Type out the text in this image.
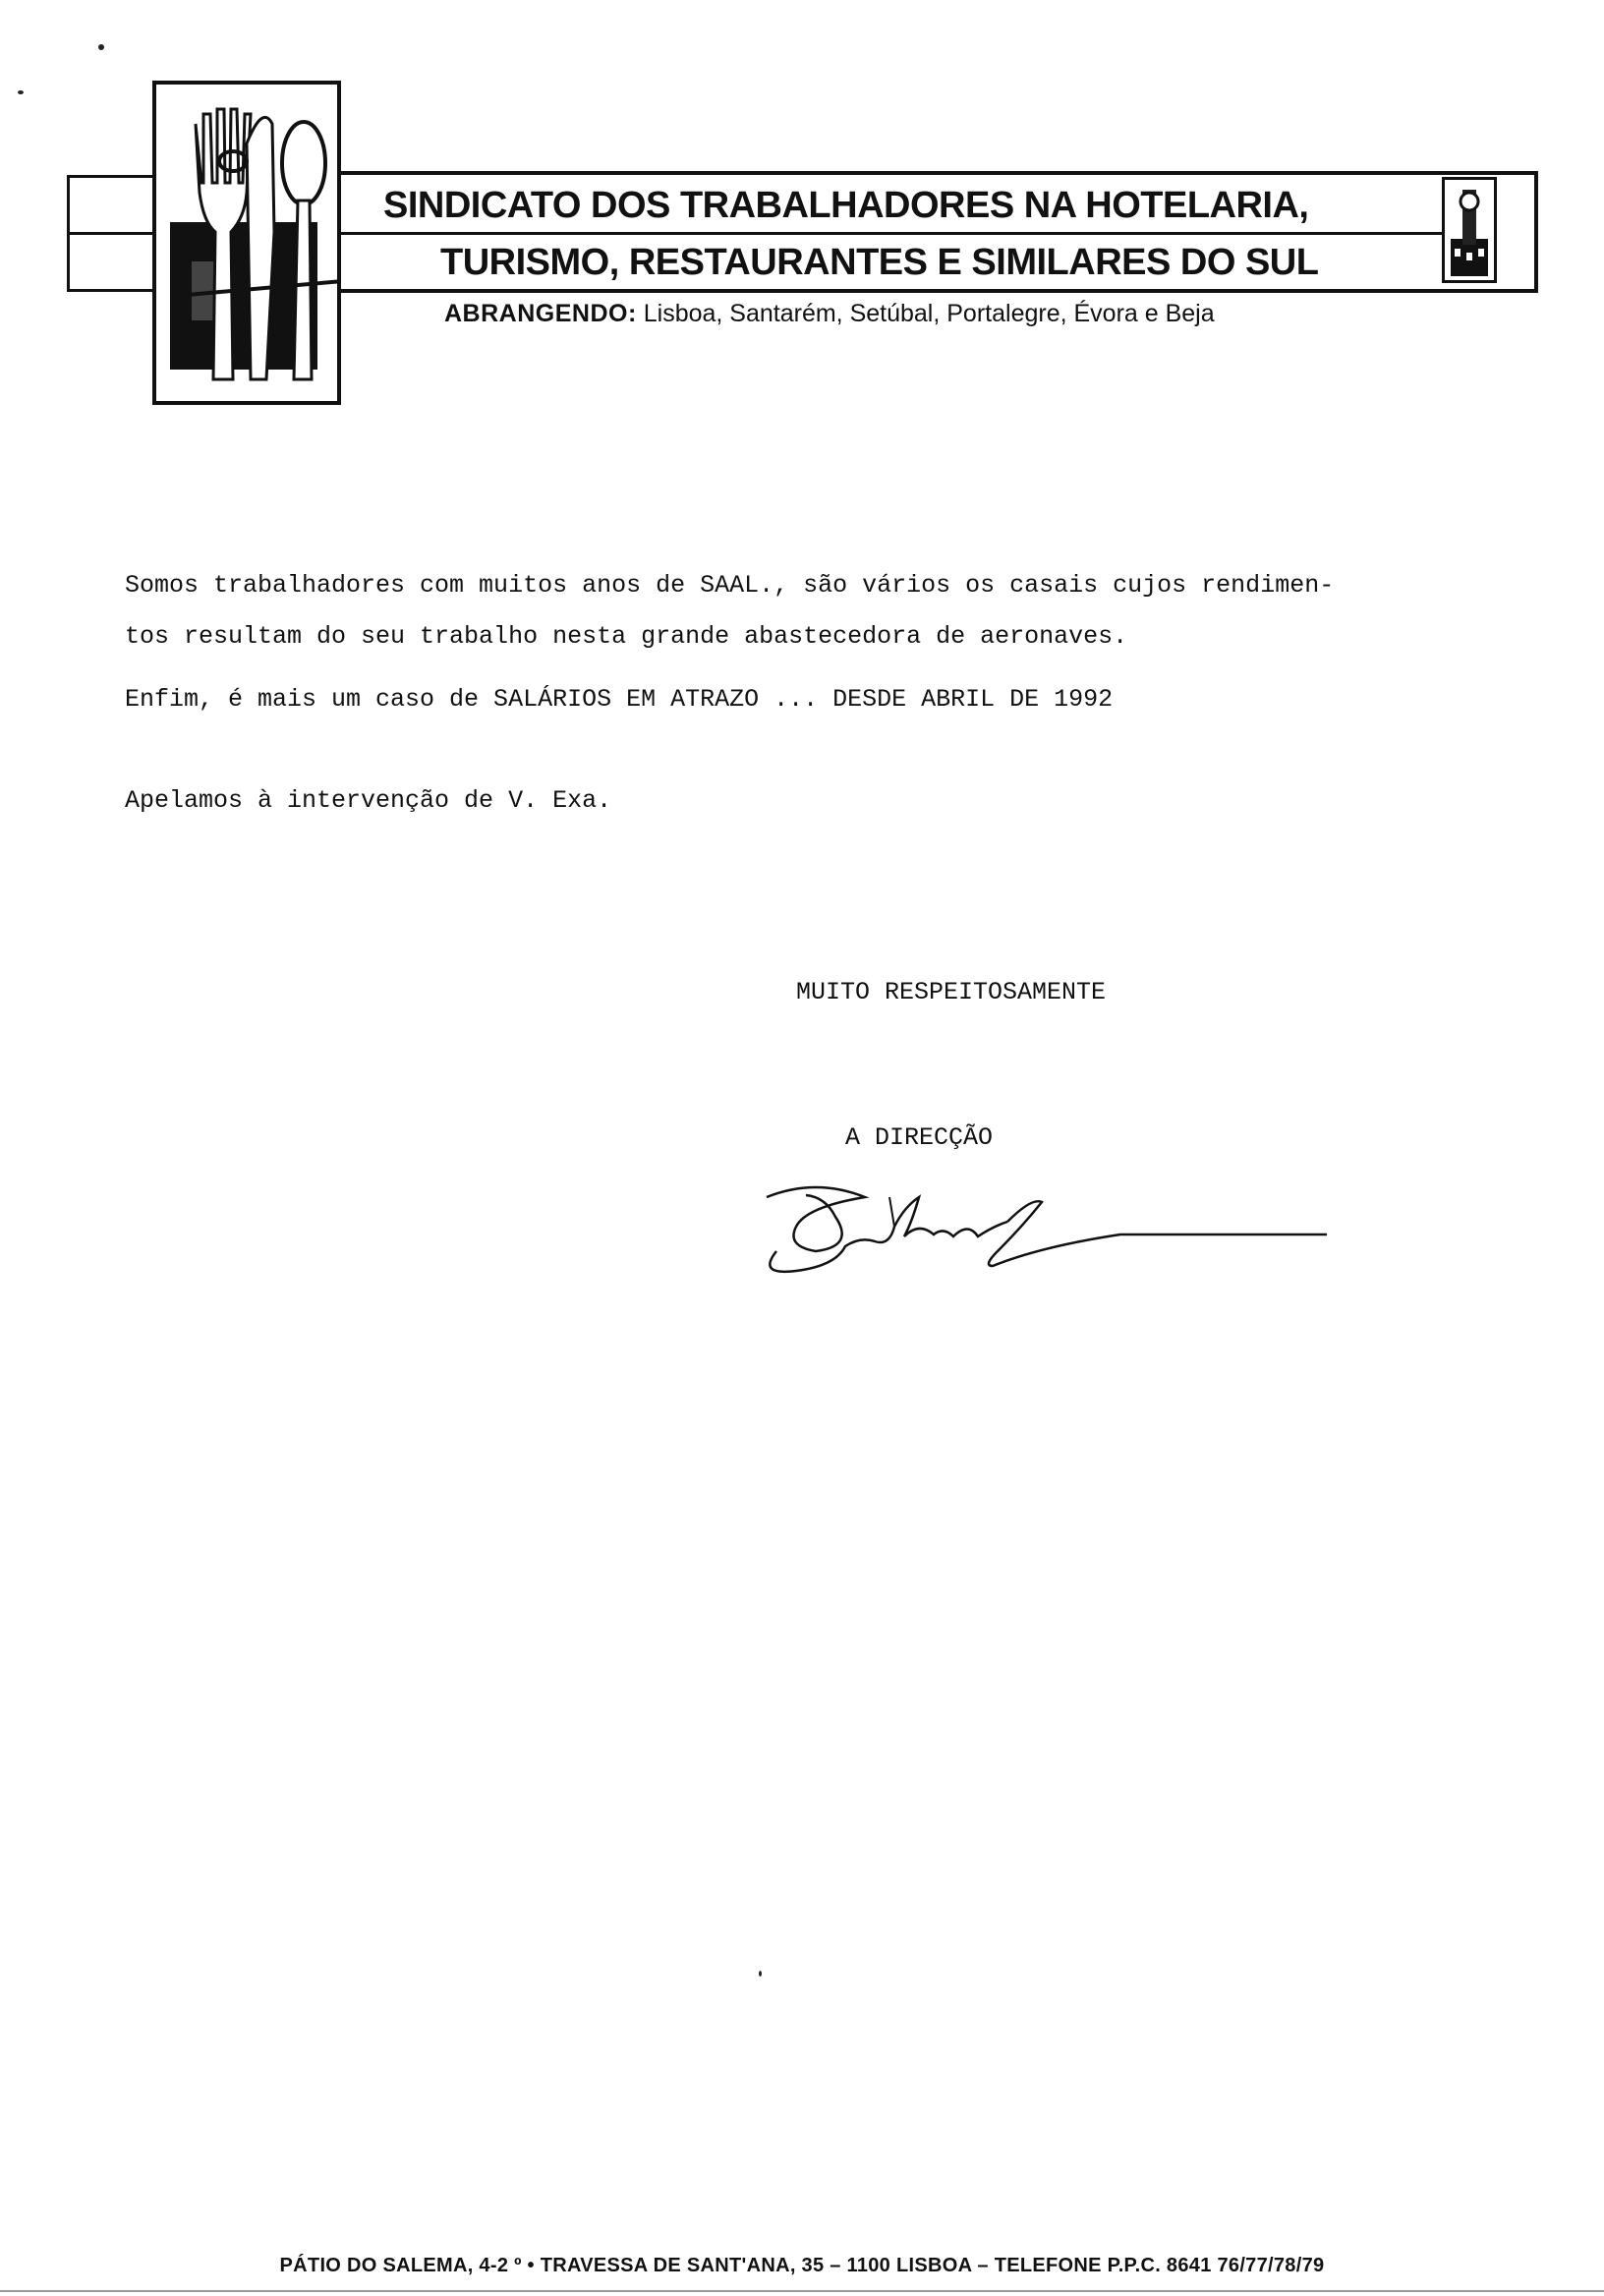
SINDICATO DOS TRABALHADORES NA HOTELARIA,
TURISMO, RESTAURANTES E SIMILARES DO SUL
ABRANGENDO: Lisboa, Santarém, Setúbal, Portalegre, Évora e Beja
Somos trabalhadores com muitos anos de SAAL., são vários os casais cujos rendimen-
tos resultam do seu trabalho nesta grande abastecedora de aeronaves.
Enfim, é mais um caso de SALÁRIOS EM ATRAZO ... DESDE ABRIL DE 1992
Apelamos à intervenção de V. Exa.
MUITO RESPEITOSAMENTE
A DIRECÇÃO
PÁTIO DO SALEMA, 4-2 º • TRAVESSA DE SANT'ANA, 35 – 1100 LISBOA – TELEFONE P.P.C. 8641 76/77/78/79
